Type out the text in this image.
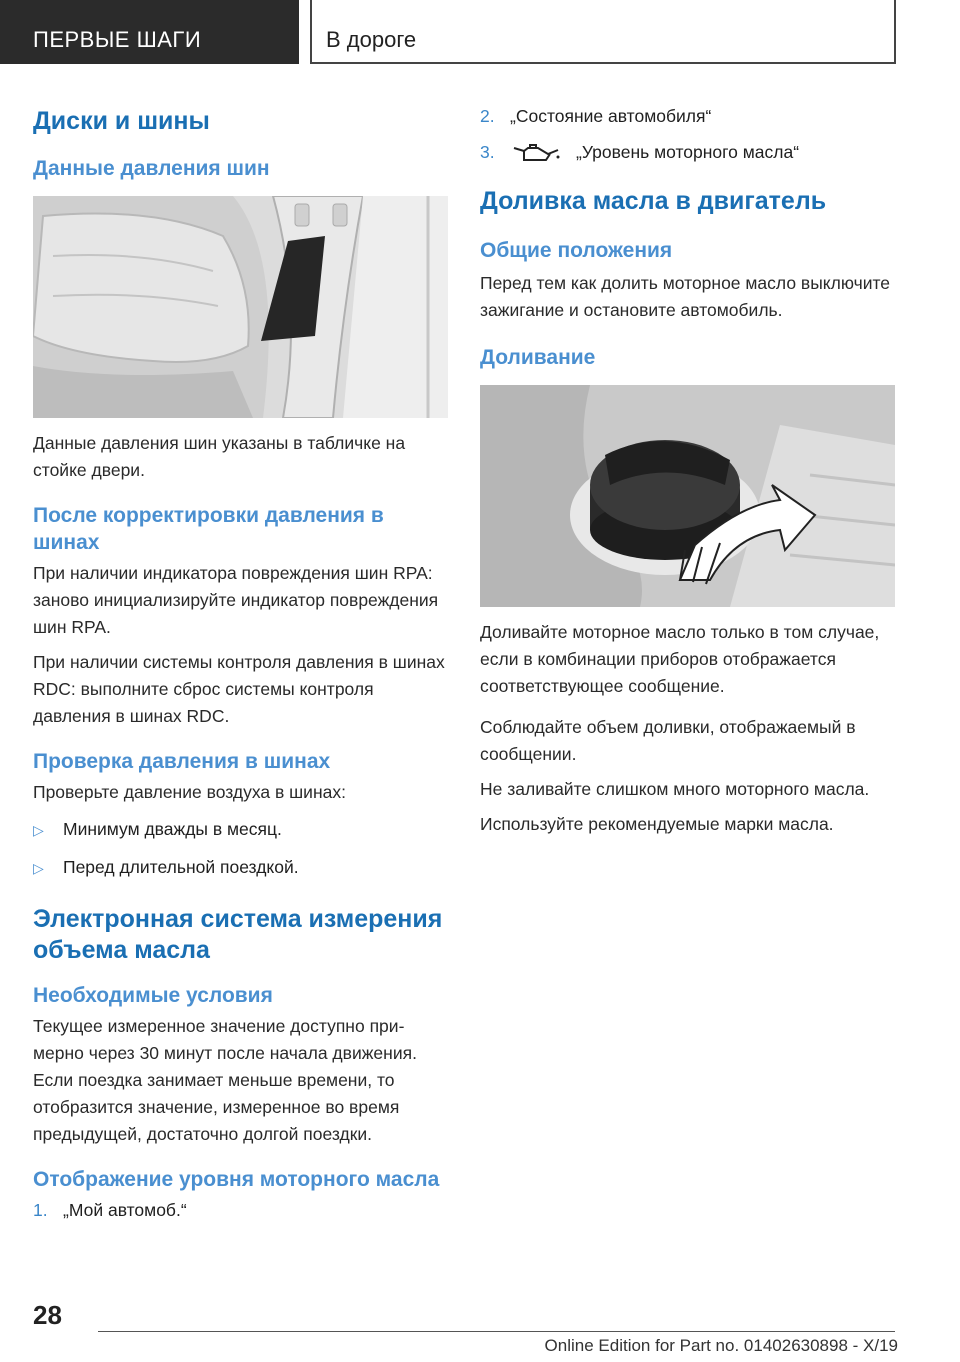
ПЕРВЫЕ ШАГИ	В дороге
Диски и шины
Данные давления шин

Данные давления шин указаны в табличке на стойке двери.

После корректировки давления в шинах

При наличии индикатора повреждения шин RPA: заново инициализируйте индикатор повреждения шин RPA.

При наличии системы контроля давления в шинах RDC: выполните сброс системы контроля давления в шинах RDC.

Проверка давления в шинах

Проверьте давление воздуха в шинах:

▷	Минимум дважды в месяц.
▷	Перед длительной поездкой.
Электронная система измерения объема масла
Необходимые условия

Текущее измеренное значение доступно примерно через 30 минут после начала движения. Если поездка занимает меньше времени, то отобразится значение, измеренное во время предыдущей, достаточно долгой поездки.

Отображение уровня моторного масла
1. „Мой автомоб.“
2. „Состояние автомобиля“
3.	„Уровень моторного масла“
Доливка масла в двигатель
Общие положения

Перед тем как долить моторное масло выключите зажигание и остановите автомобиль.

Доливание

Доливайте моторное масло только в том случае, если в комбинации приборов отображается соответствующее сообщение.

Соблюдайте объем доливки, отображаемый в сообщении.

Не заливайте слишком много моторного масла.

Используйте рекомендуемые марки масла.

28
Online Edition for Part no. 01402630898 - X/19
